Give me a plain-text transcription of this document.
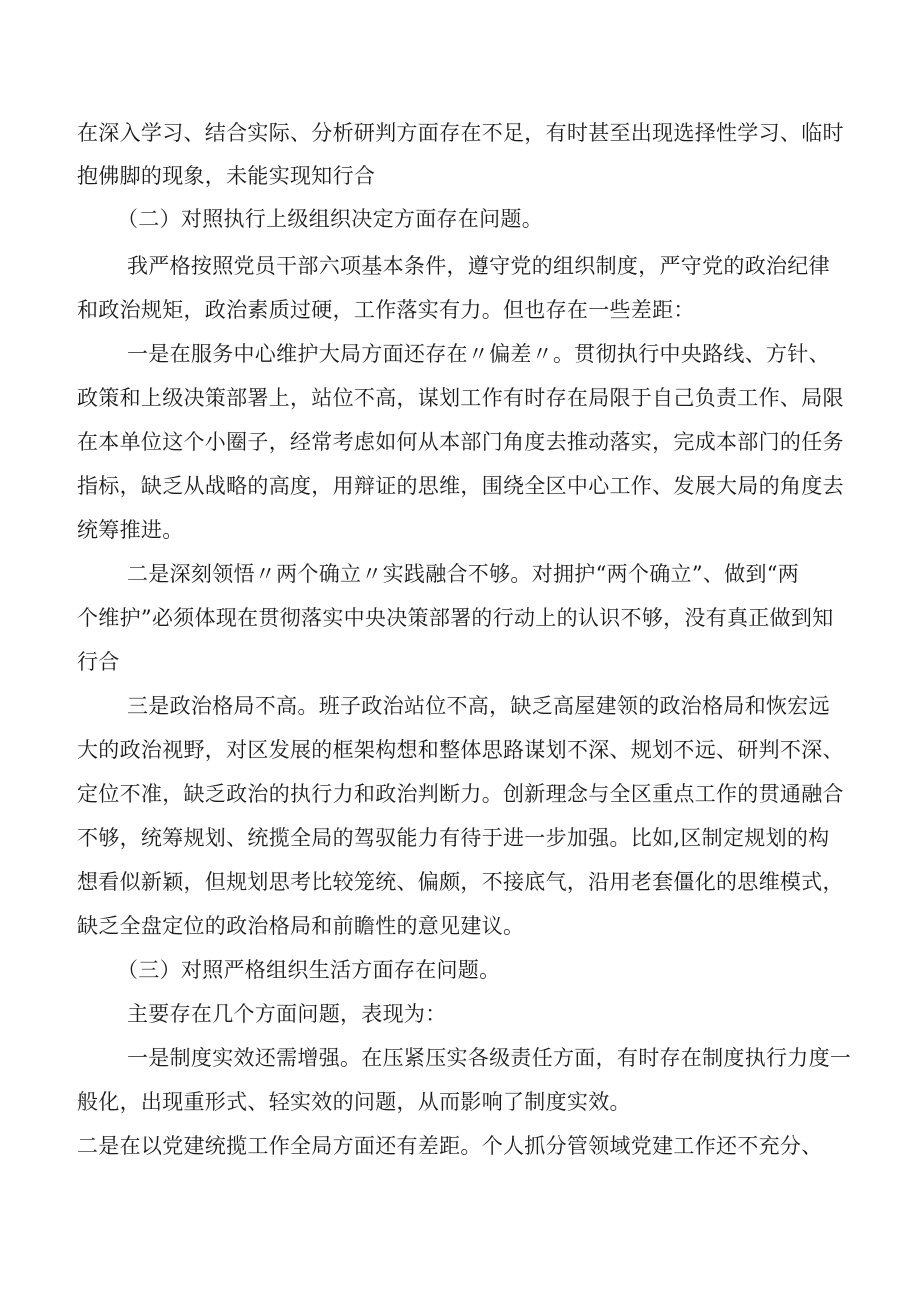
在深入学习、结合实际、分析研判方面存在不足，有时甚至出现选择性学习、临时
抱佛脚的现象，未能实现知行合
（二）对照执行上级组织决定方面存在问题。
我严格按照党员干部六项基本条件，遵守党的组织制度，严守党的政治纪律
和政治规矩，政治素质过硬，工作落实有力。但也存在一些差距：
一是在服务中心维护大局方面还存在〃偏差〃。贯彻执行中央路线、方针、
政策和上级决策部署上，站位不高，谋划工作有时存在局限于自己负责工作、局限
在本单位这个小圈子，经常考虑如何从本部门角度去推动落实，完成本部门的任务
指标，缺乏从战略的高度，用辩证的思维，围绕全区中心工作、发展大局的角度去
统筹推进。
二是深刻领悟〃两个确立〃实践融合不够。对拥护“两个确立”、做到“两
个维护”必须体现在贯彻落实中央决策部署的行动上的认识不够，没有真正做到知
行合
三是政治格局不高。班子政治站位不高，缺乏高屋建领的政治格局和恢宏远
大的政治视野，对区发展的框架构想和整体思路谋划不深、规划不远、研判不深、
定位不准，缺乏政治的执行力和政治判断力。创新理念与全区重点工作的贯通融合
不够，统筹规划、统揽全局的驾驭能力有待于进一步加强。比如,区制定规划的构
想看似新颖，但规划思考比较笼统、偏颇，不接底气，沿用老套僵化的思维模式，
缺乏全盘定位的政治格局和前瞻性的意见建议。
（三）对照严格组织生活方面存在问题。
主要存在几个方面问题，表现为：
一是制度实效还需增强。在压紧压实各级责任方面，有时存在制度执行力度一
般化，出现重形式、轻实效的问题，从而影响了制度实效。
二是在以党建统揽工作全局方面还有差距。个人抓分管领域党建工作还不充分、
